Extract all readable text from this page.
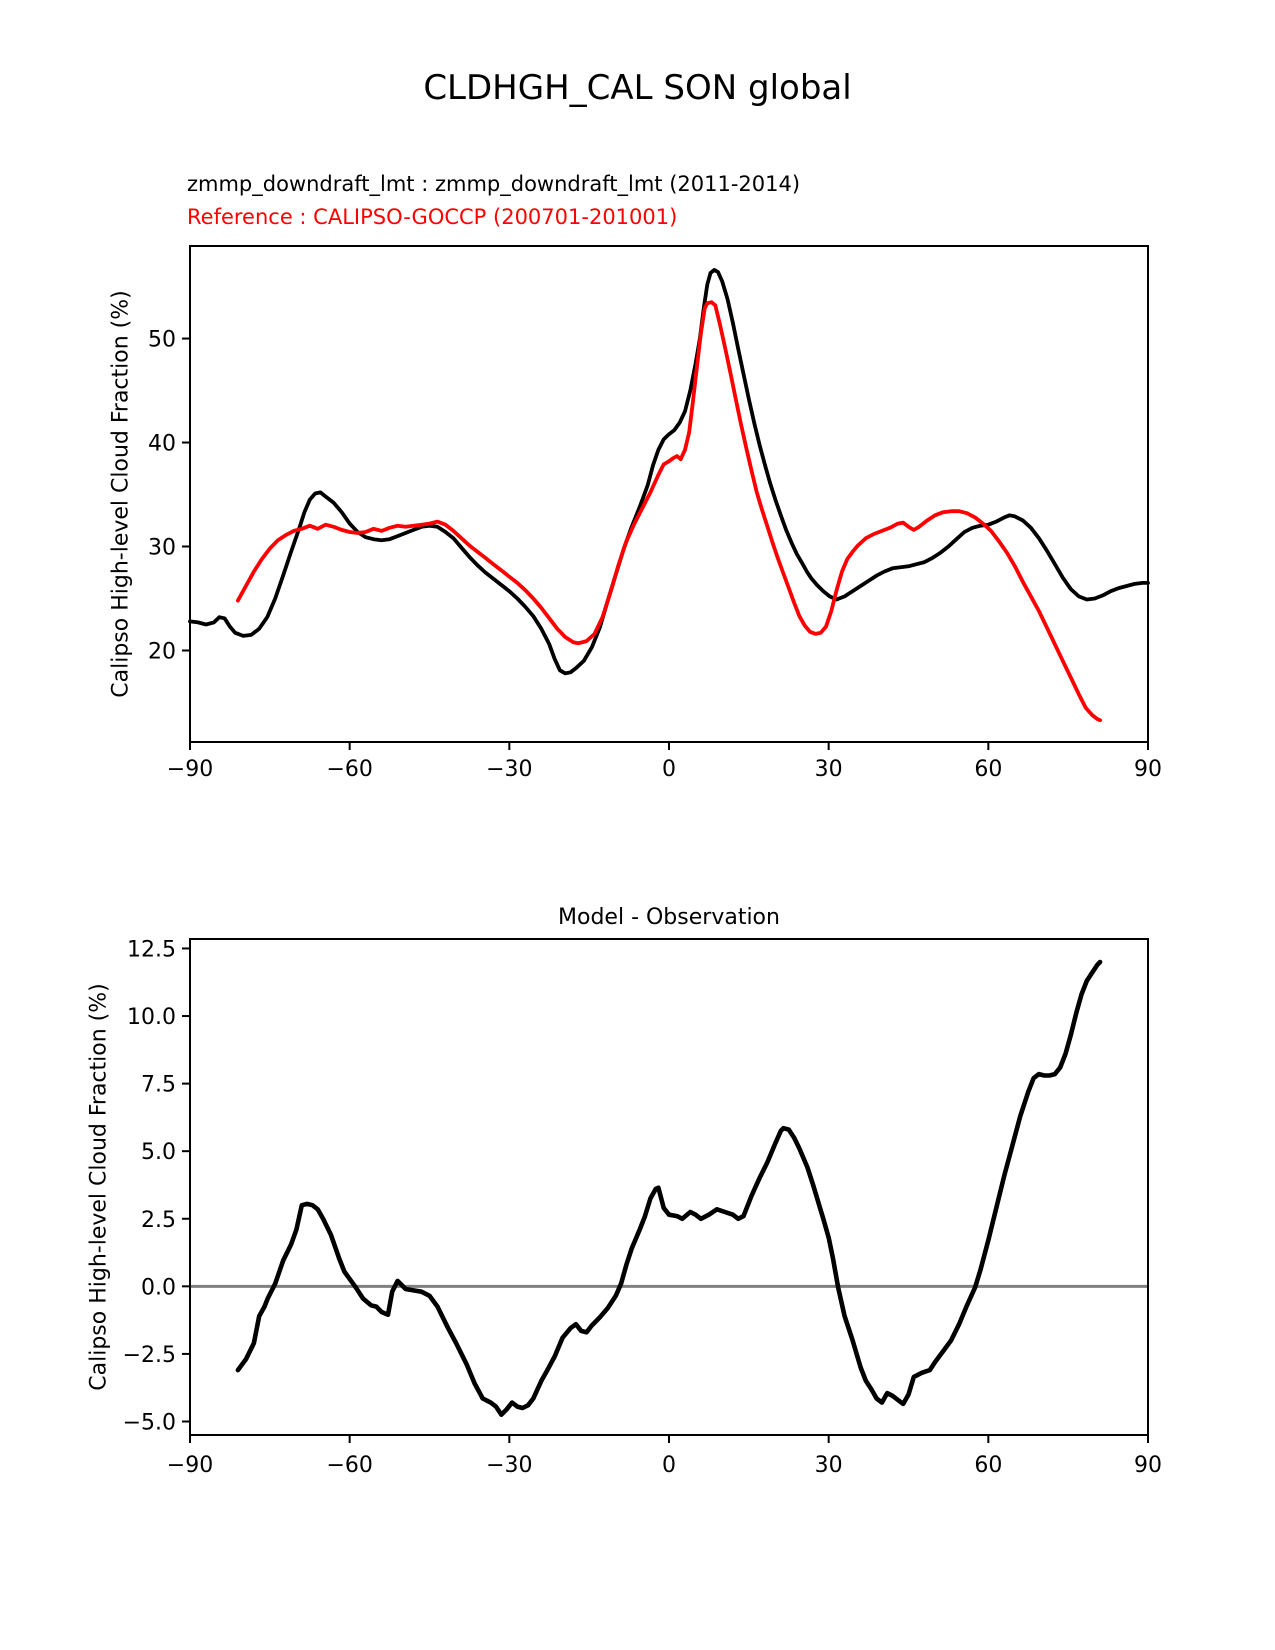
CLDHGH_CAL SON global
zmmp_downdraft_lmt : zmmp_downdraft_lmt (2011-2014)
Reference : CALIPSO-GOCCP (200701-201001)
Calipso High-level Cloud Fraction (%)
Model - Observation
Calipso High-level Cloud Fraction (%)
−90	−60	−30	0	30	60	90
20
30
40
50
−90	−60	−30	0	30	60	90
−5.0
−2.5
0.0
2.5
5.0
7.5
10.0
12.5
